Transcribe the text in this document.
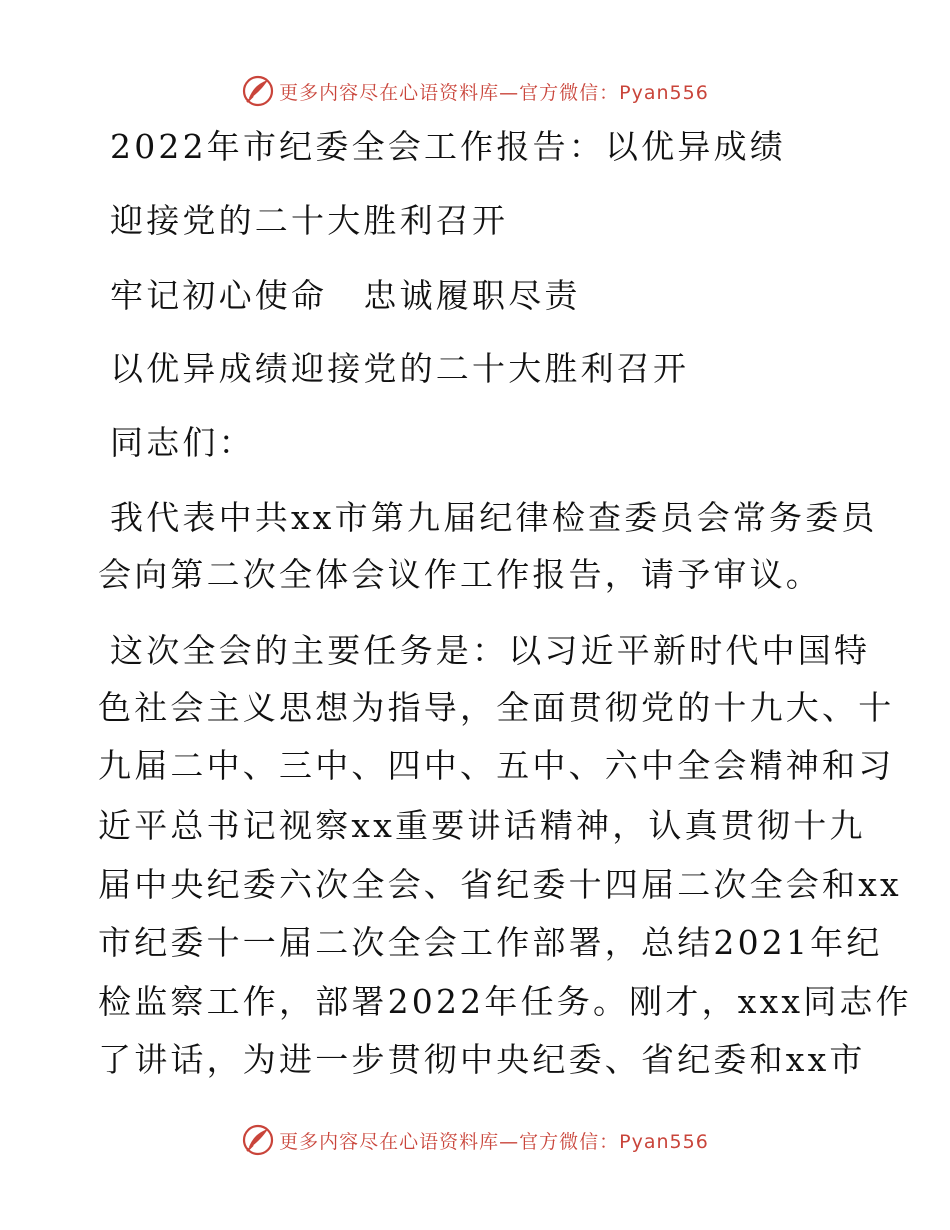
更多内容尽在心语资料库—官方微信：Pyan556
2022年市纪委全会工作报告：以优异成绩
迎接党的二十大胜利召开
牢记初心使命　忠诚履职尽责
以优异成绩迎接党的二十大胜利召开
同志们：
我代表中共xx市第九届纪律检查委员会常务委员
会向第二次全体会议作工作报告，请予审议。
这次全会的主要任务是：以习近平新时代中国特
色社会主义思想为指导，全面贯彻党的十九大、十
九届二中、三中、四中、五中、六中全会精神和习
近平总书记视察xx重要讲话精神，认真贯彻十九
届中央纪委六次全会、省纪委十四届二次全会和xx
市纪委十一届二次全会工作部署，总结2021年纪
检监察工作，部署2022年任务。刚才，xxx同志作
了讲话，为进一步贯彻中央纪委、省纪委和xx市
更多内容尽在心语资料库—官方微信：Pyan556
